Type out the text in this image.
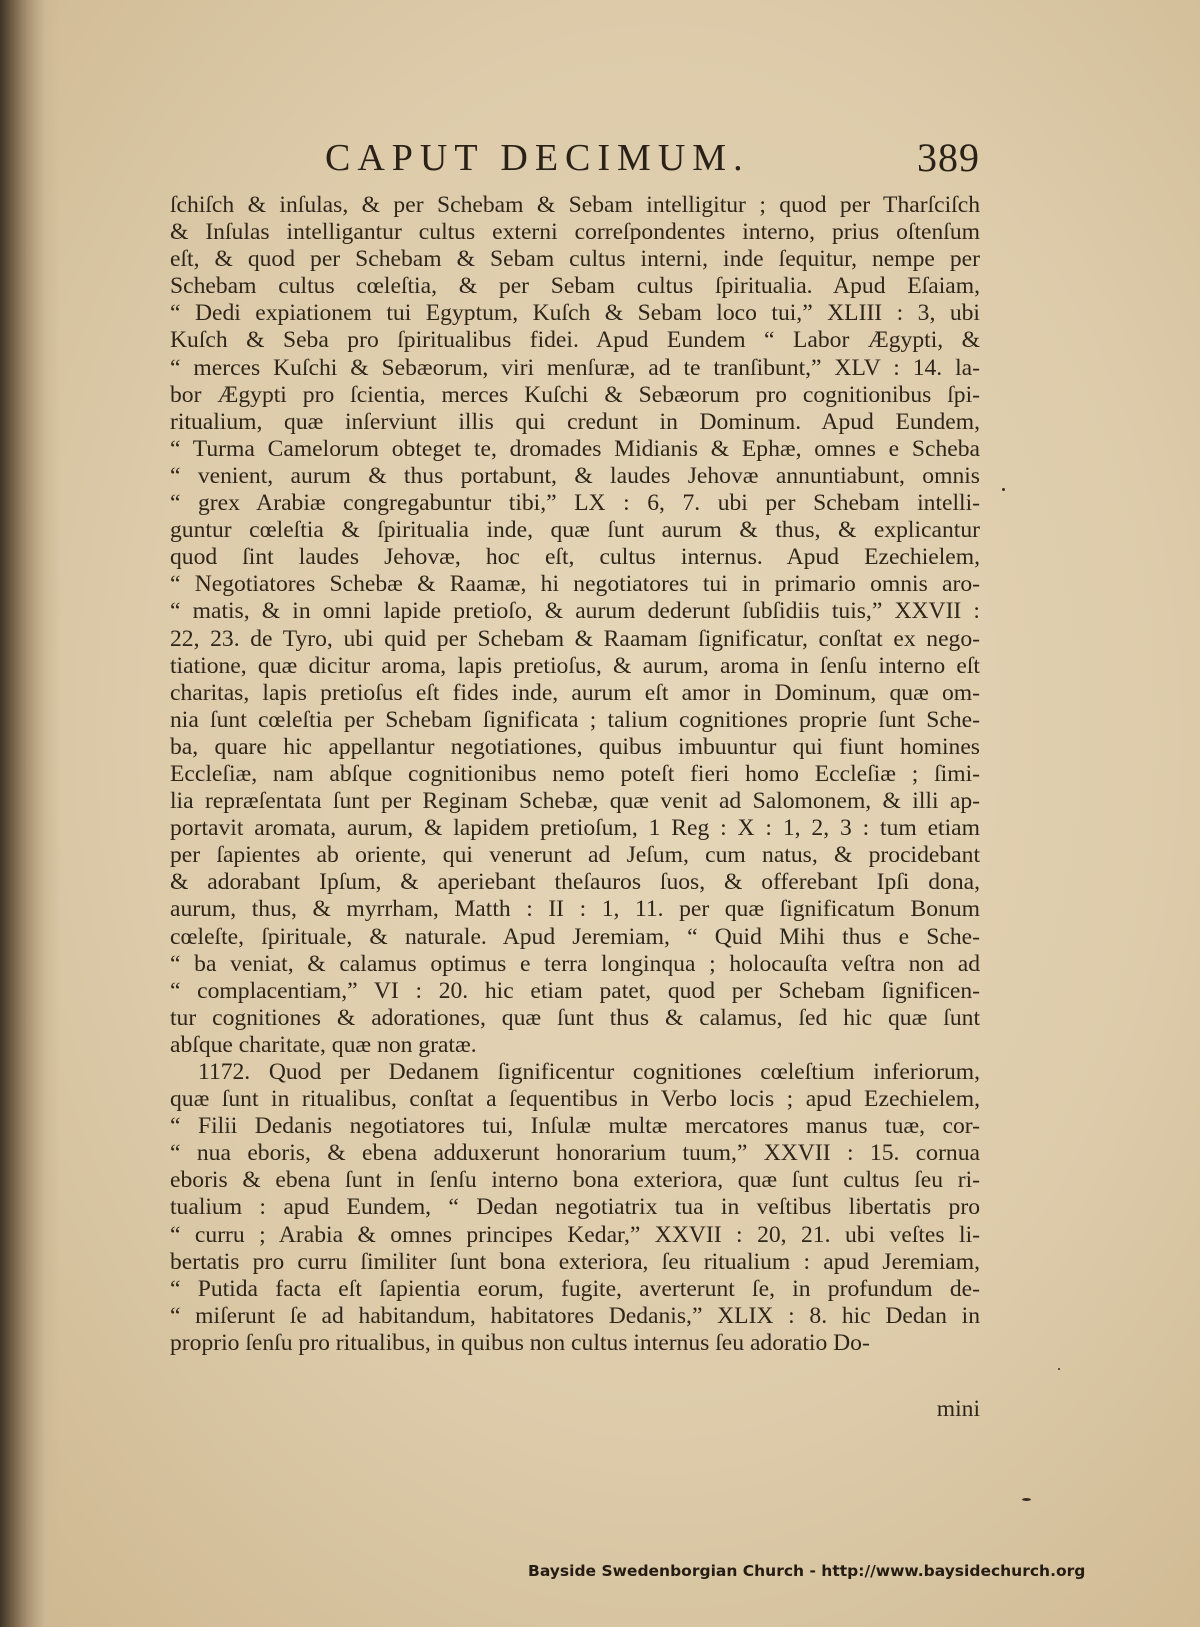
CAPUT DECIMUM.	389
ſchiſch & inſulas, & per Schebam & Sebam intelligitur ; quod per Tharſciſch
& Inſulas intelligantur cultus externi correſpondentes interno, prius oſtenſum
eſt, & quod per Schebam & Sebam cultus interni, inde ſequitur, nempe per
Schebam cultus cœleſtia, & per Sebam cultus ſpiritualia. Apud Eſaiam,
“ Dedi expiationem tui Egyptum, Kuſch & Sebam loco tui,” XLIII : 3, ubi
Kuſch & Seba pro ſpiritualibus fidei. Apud Eundem “ Labor Ægypti, &
“ merces Kuſchi & Sebæorum, viri menſuræ, ad te tranſibunt,” XLV : 14. la-
bor Ægypti pro ſcientia, merces Kuſchi & Sebæorum pro cognitionibus ſpi-
ritualium, quæ inſerviunt illis qui credunt in Dominum. Apud Eundem,
“ Turma Camelorum obteget te, dromades Midianis & Ephæ, omnes e Scheba
“ venient, aurum & thus portabunt, & laudes Jehovæ annuntiabunt, omnis
“ grex Arabiæ congregabuntur tibi,” LX : 6, 7. ubi per Schebam intelli-
guntur cœleſtia & ſpiritualia inde, quæ ſunt aurum & thus, & explicantur
quod ſint laudes Jehovæ, hoc eſt, cultus internus. Apud Ezechielem,
“ Negotiatores Schebæ & Raamæ, hi negotiatores tui in primario omnis aro-
“ matis, & in omni lapide pretioſo, & aurum dederunt ſubſidiis tuis,” XXVII :
22, 23. de Tyro, ubi quid per Schebam & Raamam ſignificatur, conſtat ex nego-
tiatione, quæ dicitur aroma, lapis pretioſus, & aurum, aroma in ſenſu interno eſt
charitas, lapis pretioſus eſt fides inde, aurum eſt amor in Dominum, quæ om-
nia ſunt cœleſtia per Schebam ſignificata ; talium cognitiones proprie ſunt Sche-
ba, quare hic appellantur negotiationes, quibus imbuuntur qui fiunt homines
Eccleſiæ, nam abſque cognitionibus nemo poteſt fieri homo Eccleſiæ ; ſimi-
lia repræſentata ſunt per Reginam Schebæ, quæ venit ad Salomonem, & illi ap-
portavit aromata, aurum, & lapidem pretioſum, 1 Reg : X : 1, 2, 3 : tum etiam
per ſapientes ab oriente, qui venerunt ad Jeſum, cum natus, & procidebant
& adorabant Ipſum, & aperiebant theſauros ſuos, & offerebant Ipſi dona,
aurum, thus, & myrrham, Matth : II : 1, 11. per quæ ſignificatum Bonum
cœleſte, ſpirituale, & naturale. Apud Jeremiam, “ Quid Mihi thus e Sche-
“ ba veniat, & calamus optimus e terra longinqua ; holocauſta veſtra non ad
“ complacentiam,” VI : 20. hic etiam patet, quod per Schebam ſignificen-
tur cognitiones & adorationes, quæ ſunt thus & calamus, ſed hic quæ ſunt
abſque charitate, quæ non gratæ.
1172. Quod per Dedanem ſignificentur cognitiones cœleſtium inferiorum,
quæ ſunt in ritualibus, conſtat a ſequentibus in Verbo locis ; apud Ezechielem,
“ Filii Dedanis negotiatores tui, Inſulæ multæ mercatores manus tuæ, cor-
“ nua eboris, & ebena adduxerunt honorarium tuum,” XXVII : 15. cornua
eboris & ebena ſunt in ſenſu interno bona exteriora, quæ ſunt cultus ſeu ri-
tualium : apud Eundem, “ Dedan negotiatrix tua in veſtibus libertatis pro
“ curru ; Arabia & omnes principes Kedar,” XXVII : 20, 21. ubi veſtes li-
bertatis pro curru ſimiliter ſunt bona exteriora, ſeu ritualium : apud Jeremiam,
“ Putida facta eſt ſapientia eorum, fugite, averterunt ſe, in profundum de-
“ miſerunt ſe ad habitandum, habitatores Dedanis,” XLIX : 8. hic Dedan in
proprio ſenſu pro ritualibus, in quibus non cultus internus ſeu adoratio Do-
mini
Bayside Swedenborgian Church - http://www.baysidechurch.org
